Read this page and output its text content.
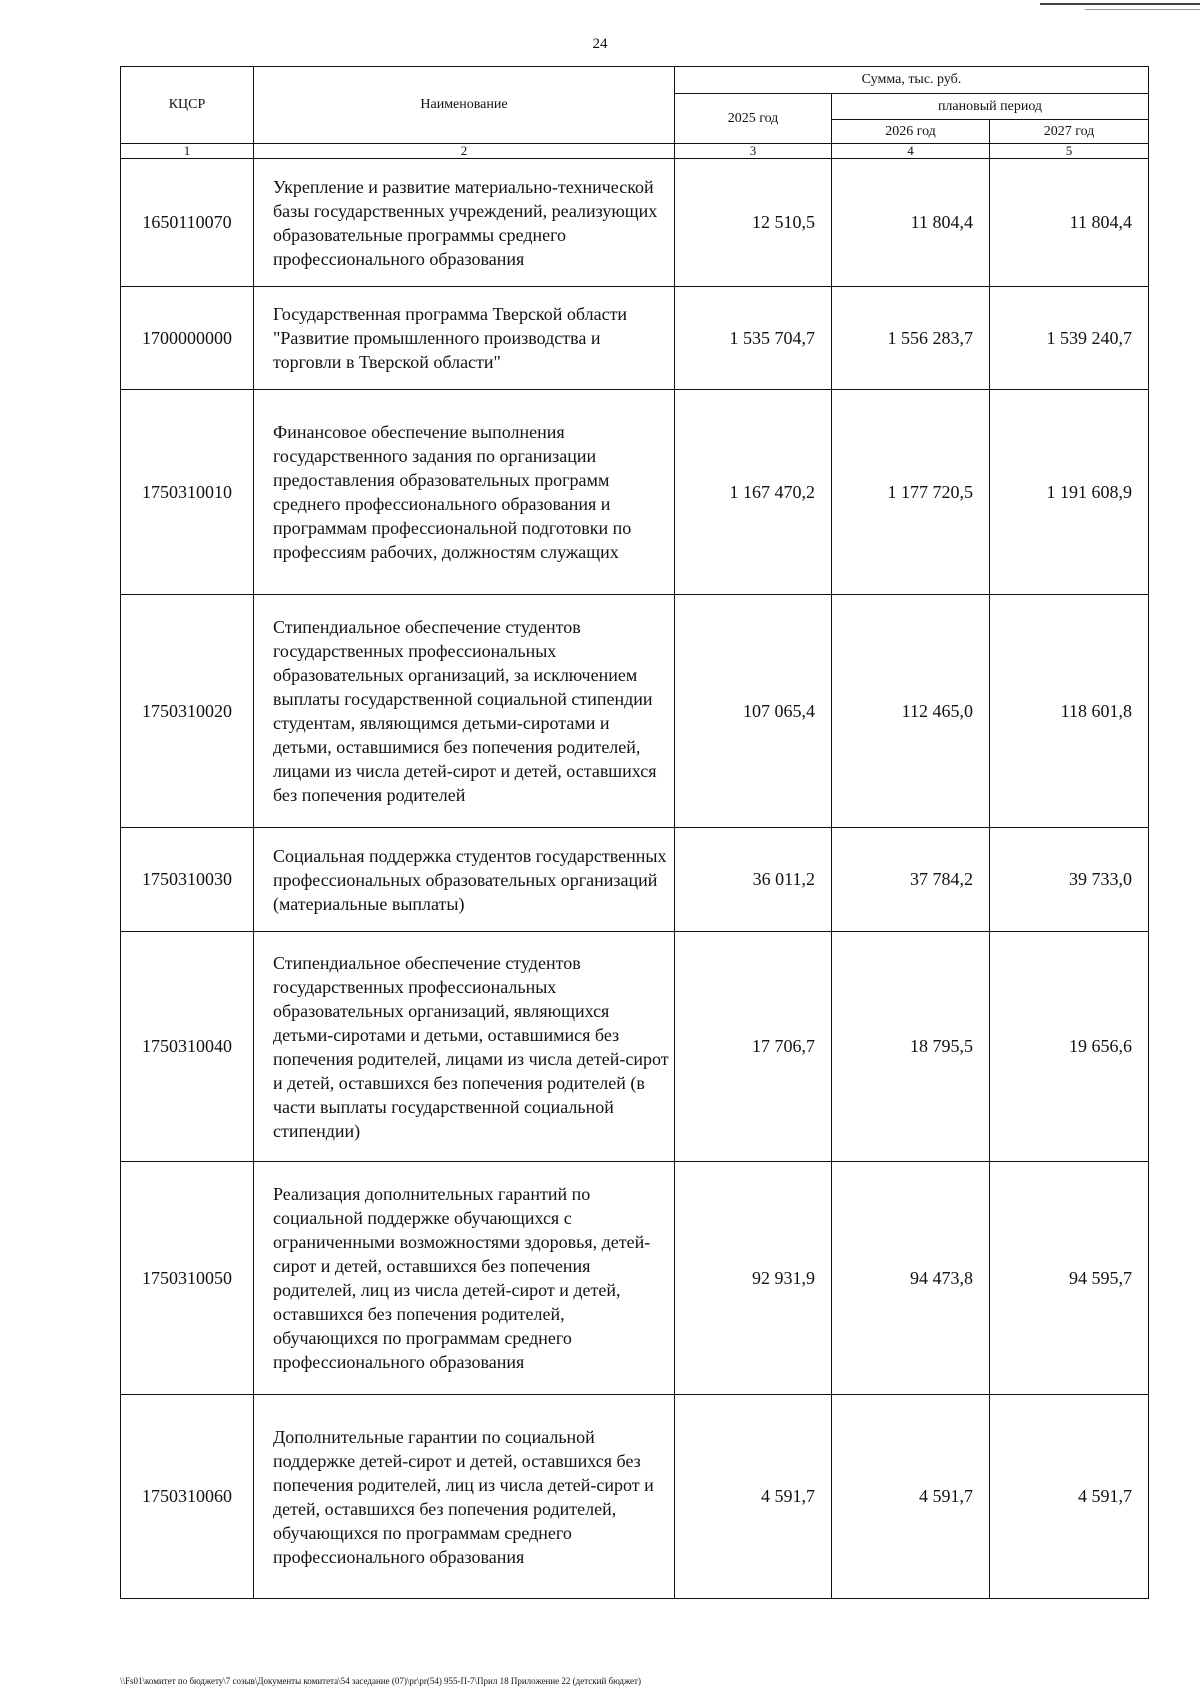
24
КЦСР	Наименование	Сумма, тыс. руб.		
		2025 год	плановый период	
			2026 год	2027 год
1	2	3	4	5
1650110070	Укрепление и развитие материально-технической базы государственных учреждений, реализующих образовательные программы среднего профессионального образования	12 510,5	11 804,4	11 804,4
1700000000	Государственная программа Тверской области "Развитие промышленного производства и торговли в Тверской области"	1 535 704,7	1 556 283,7	1 539 240,7
1750310010	Финансовое обеспечение выполнения государственного задания по организации предоставления образовательных программ среднего профессионального образования и программам профессиональной подготовки по профессиям рабочих, должностям служащих	1 167 470,2	1 177 720,5	1 191 608,9
1750310020	Стипендиальное обеспечение студентов государственных профессиональных образовательных организаций, за исключением выплаты государственной социальной стипендии студентам, являющимся детьми-сиротами и детьми, оставшимися без попечения родителей, лицами из числа детей-сирот и детей, оставшихся без попечения родителей	107 065,4	112 465,0	118 601,8
1750310030	Социальная поддержка студентов государственных профессиональных образовательных организаций (материальные выплаты)	36 011,2	37 784,2	39 733,0
1750310040	Стипендиальное обеспечение студентов государственных профессиональных образовательных организаций, являющихся детьми-сиротами и детьми, оставшимися без попечения родителей, лицами из числа детей-сирот и детей, оставшихся без попечения родителей (в части выплаты государственной социальной стипендии)	17 706,7	18 795,5	19 656,6
1750310050	Реализация дополнительных гарантий по социальной поддержке обучающихся с ограниченными возможностями здоровья, детей-сирот и детей, оставшихся без попечения родителей, лиц из числа детей-сирот и детей, оставшихся без попечения родителей, обучающихся по программам среднего профессионального образования	92 931,9	94 473,8	94 595,7
1750310060	Дополнительные гарантии по социальной поддержке детей-сирот и детей, оставшихся без попечения родителей, лиц из числа детей-сирот и детей, оставшихся без попечения родителей, обучающихся по программам среднего профессионального образования	4 591,7	4 591,7	4 591,7
\\Fs01\комитет по бюджету\7 созыв\Документы комитета\54 заседание (07)\pr\pr(54) 955-П-7\Прил 18 Приложение 22 (детский бюджет)
